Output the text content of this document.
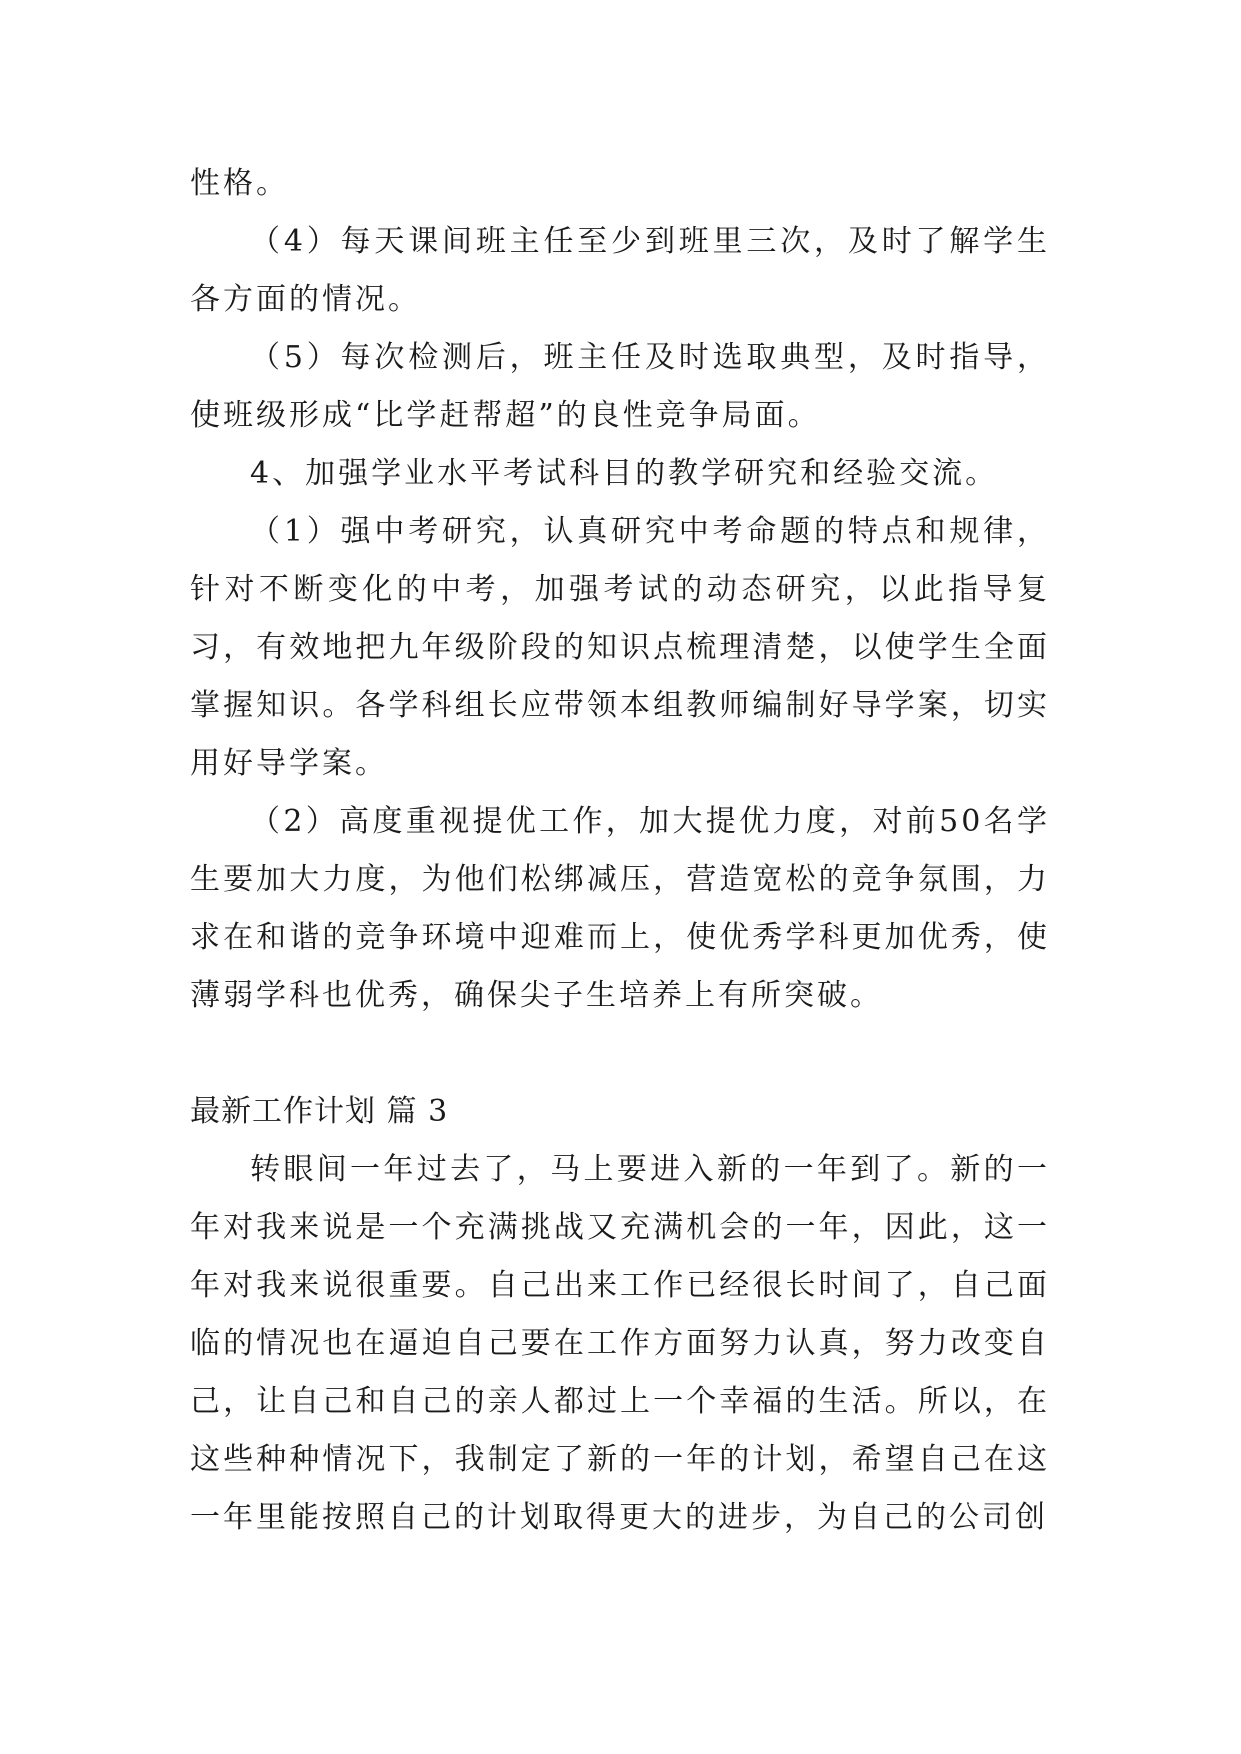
性格。

（4）每天课间班主任至少到班里三次，及时了解学生各方面的情况。

（5）每次检测后，班主任及时选取典型，及时指导，使班级形成“比学赶帮超”的良性竞争局面。

4、加强学业水平考试科目的教学研究和经验交流。

（1）强中考研究，认真研究中考命题的特点和规律，针对不断变化的中考，加强考试的动态研究，以此指导复习，有效地把九年级阶段的知识点梳理清楚，以使学生全面掌握知识。各学科组长应带领本组教师编制好导学案，切实用好导学案。

（2）高度重视提优工作，加大提优力度，对前50名学生要加大力度，为他们松绑减压，营造宽松的竞争氛围，力求在和谐的竞争环境中迎难而上，使优秀学科更加优秀，使薄弱学科也优秀，确保尖子生培养上有所突破。

最新工作计划 篇 3

转眼间一年过去了，马上要进入新的一年到了。新的一年对我来说是一个充满挑战又充满机会的一年，因此，这一年对我来说很重要。自己出来工作已经很长时间了，自己面临的情况也在逼迫自己要在工作方面努力认真，努力改变自己，让自己和自己的亲人都过上一个幸福的生活。所以，在这些种种情况下，我制定了新的一年的计划，希望自己在这一年里能按照自己的计划取得更大的进步，为自己的公司创
